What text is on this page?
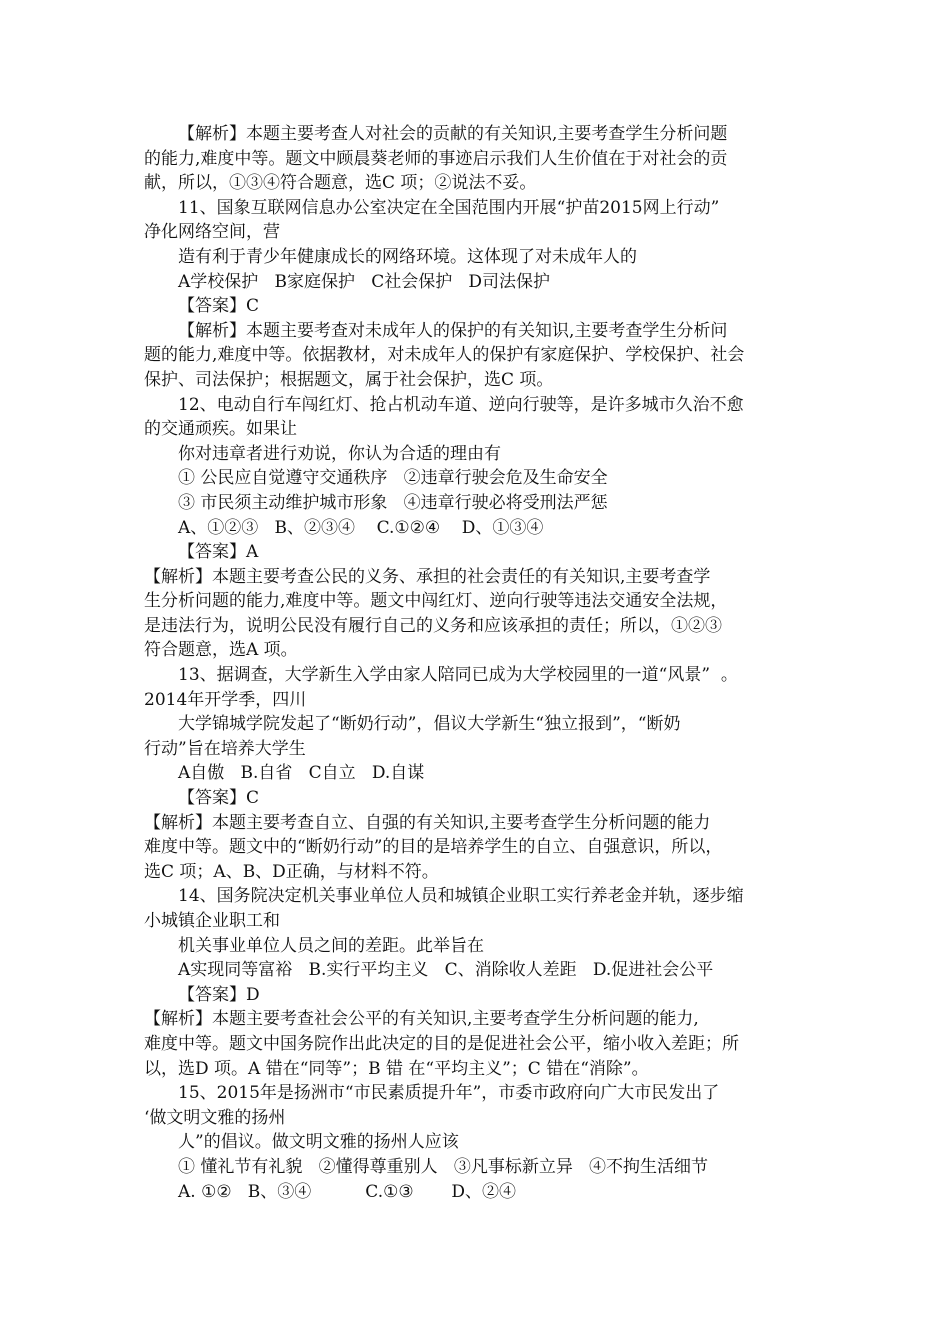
【解析】本题主要考查人对社会的贡献的有关知识,主要考查学生分析问题
的能力,难度中等。题文中顾晨葵老师的事迹启示我们人生价值在于对社会的贡
献，所以，①③④符合题意，选C 项；②说法不妥。
11、国象互联网信息办公室决定在全国范围内开展“护苗2015网上行动”
净化网络空间，营
造有利于青少年健康成长的网络环境。这体现了对未成年人的
A学校保护   B家庭保护   C社会保护   D司法保护
【答案】C
【解析】本题主要考查对未成年人的保护的有关知识,主要考查学生分析问
题的能力,难度中等。依据教材，对未成年人的保护有家庭保护、学校保护、社会
保护、司法保护；根据题文，属于社会保护，选C 项。
12、电动自行车闯红灯、抢占机动车道、逆向行驶等，是许多城市久治不愈
的交通顽疾。如果让
你对违章者进行劝说，你认为合适的理由有
① 公民应自觉遵守交通秩序   ②违章行驶会危及生命安全
③ 市民须主动维护城市形象   ④违章行驶必将受刑法严惩
A、①②③   B、②③④    C.①②④    D、①③④
【答案】A
【解析】本题主要考查公民的义务、承担的社会责任的有关知识,主要考查学
生分析问题的能力,难度中等。题文中闯红灯、逆向行驶等违法交通安全法规，
是违法行为，说明公民没有履行自己的义务和应该承担的责任；所以，①②③
符合题意，选A 项。
13、据调查，大学新生入学由家人陪同已成为大学校园里的一道“风景”  。
2014年开学季，四川
大学锦城学院发起了“断奶行动”，倡议大学新生“独立报到”，“断奶
行动”旨在培养大学生
A自傲   B.自省   C自立   D.自谋
【答案】C
【解析】本题主要考查自立、自强的有关知识,主要考查学生分析问题的能力
难度中等。题文中的“断奶行动”的目的是培养学生的自立、自强意识，所以，
选C 项；A、B、D正确，与材料不符。
14、国务院决定机关事业单位人员和城镇企业职工实行养老金并轨，逐步缩
小城镇企业职工和
机关事业单位人员之间的差距。此举旨在
A实现同等富裕   B.实行平均主义   C、消除收人差距   D.促进社会公平
【答案】D
【解析】本题主要考查社会公平的有关知识,主要考查学生分析问题的能力,
难度中等。题文中国务院作出此决定的目的是促进社会公平，缩小收入差距；所
以，选D 项。A 错在“同等”；B 错 在“平均主义”；C 错在“消除”。
15、2015年是扬洲市“市民素质提升年”，市委市政府向广大市民发出了
‘做文明文雅的扬州
人”的倡议。做文明文雅的扬州人应该
① 懂礼节有礼貌   ②懂得尊重别人   ③凡事标新立异   ④不拘生活细节
A. ①②   B、③④          C.①③       D、②④
